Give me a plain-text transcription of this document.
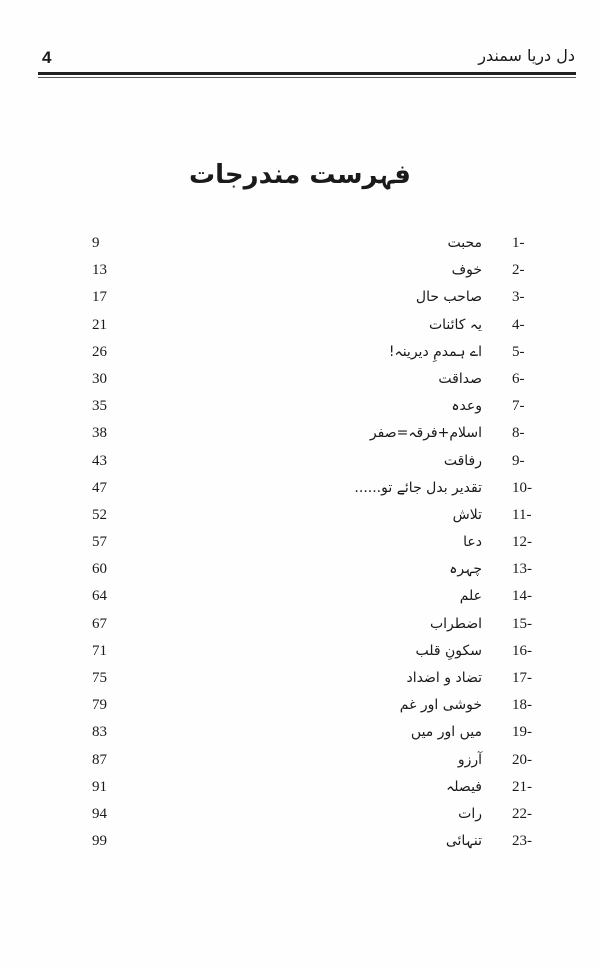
4	دل دریا سمندر
فہرست مندرجات
9	محبت 1-
13	خوف 2-
17	صاحب حال 3-
21	یہ کائنات 4-
26	اے ہمدمِ دیرینہ! 5-
30	صداقت 6-
35	وعدہ 7-
38	اسلام+فرقہ=صفر 8-
43	رفاقت 9-
47	تقدیر بدل جائے تو...... 10-
52	تلاش 11-
57	دعا 12-
60	چہرہ 13-
64	علم 14-
67	اضطراب 15-
71	سکونِ قلب 16-
75	تضاد و اضداد 17-
79	خوشی اور غم 18-
83	میں اور میں 19-
87	آرزو 20-
91	فیصلہ 21-
94	رات 22-
99	تنہائی 23-
